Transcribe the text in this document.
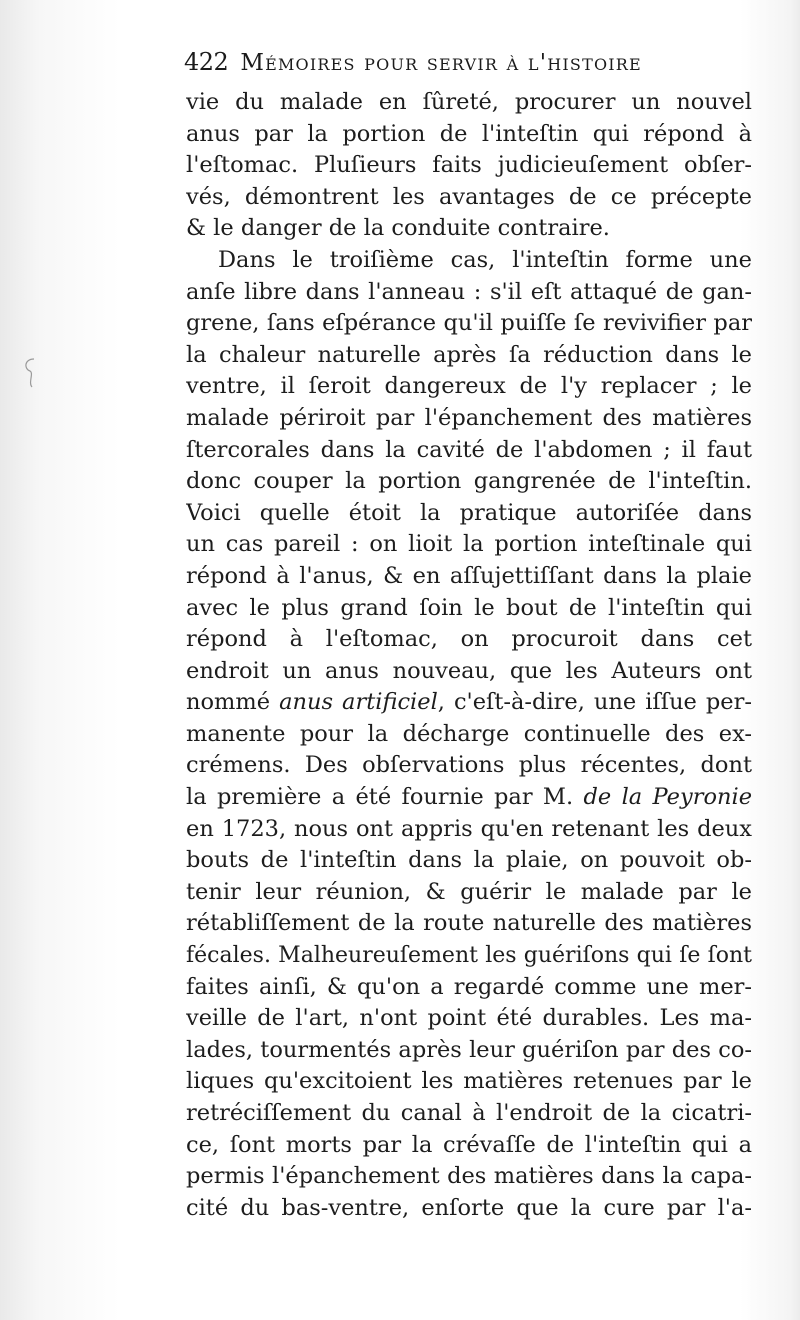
422 Mémoires pour servir à l'histoire
vie du malade en ſûreté, procurer un nouvel
anus par la portion de l'inteſtin qui répond à
l'eſtomac. Pluſieurs faits judicieuſement obſer-
vés, démontrent les avantages de ce précepte
& le danger de la conduite contraire.
Dans le troiſième cas, l'inteſtin forme une
anſe libre dans l'anneau : s'il eſt attaqué de gan-
grene, ſans eſpérance qu'il puiſſe ſe revivifier par
la chaleur naturelle après ſa réduction dans le
ventre, il ſeroit dangereux de l'y replacer ; le
malade périroit par l'épanchement des matières
ſtercorales dans la cavité de l'abdomen ; il faut
donc couper la portion gangrenée de l'inteſtin.
Voici quelle étoit la pratique autoriſée dans
un cas pareil : on lioit la portion inteſtinale qui
répond à l'anus, & en aſſujettiſſant dans la plaie
avec le plus grand ſoin le bout de l'inteſtin qui
répond à l'eſtomac, on procuroit dans cet
endroit un anus nouveau, que les Auteurs ont
nommé anus artificiel, c'eſt-à-dire, une iſſue per-
manente pour la décharge continuelle des ex-
crémens. Des obſervations plus récentes, dont
la première a été fournie par M. de la Peyronie
en 1723, nous ont appris qu'en retenant les deux
bouts de l'inteſtin dans la plaie, on pouvoit ob-
tenir leur réunion, & guérir le malade par le
rétabliſſement de la route naturelle des matières
fécales. Malheureuſement les guériſons qui ſe ſont
faites ainſi, & qu'on a regardé comme une mer-
veille de l'art, n'ont point été durables. Les ma-
lades, tourmentés après leur guériſon par des co-
liques qu'excitoient les matières retenues par le
retréciſſement du canal à l'endroit de la cicatri-
ce, ſont morts par la crévaſſe de l'inteſtin qui a
permis l'épanchement des matières dans la capa-
cité du bas-ventre, enſorte que la cure par l'a-
